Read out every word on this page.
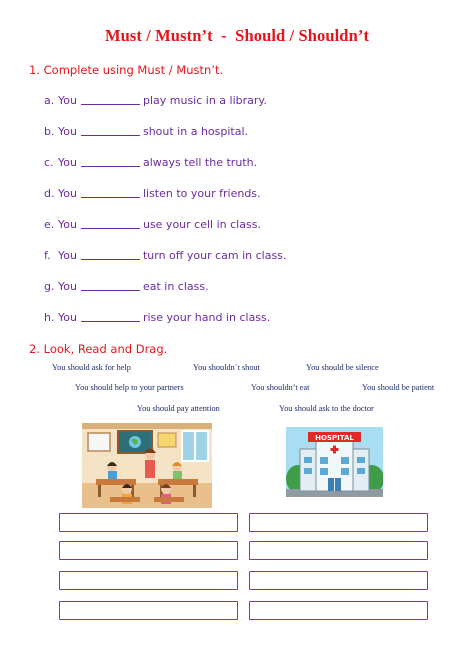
Must / Mustn’t  -  Should / Shouldn’t
1. Complete using Must / Mustn’t.
a. You	play music in a library.
b. You	shout in a hospital.
c. You	always tell the truth.
d. You	listen to your friends.
e. You	use your cell in class.
f. You	turn off your cam in class.
g. You	eat in class.
h. You	rise your hand in class.
2. Look, Read and Drag.
You should ask for help	You shouldn´t shout	You should be silence
You should help to your partners	You shouldn’t eat	You should be patient
You should pay attention	You should ask to the doctor
HOSPITAL
